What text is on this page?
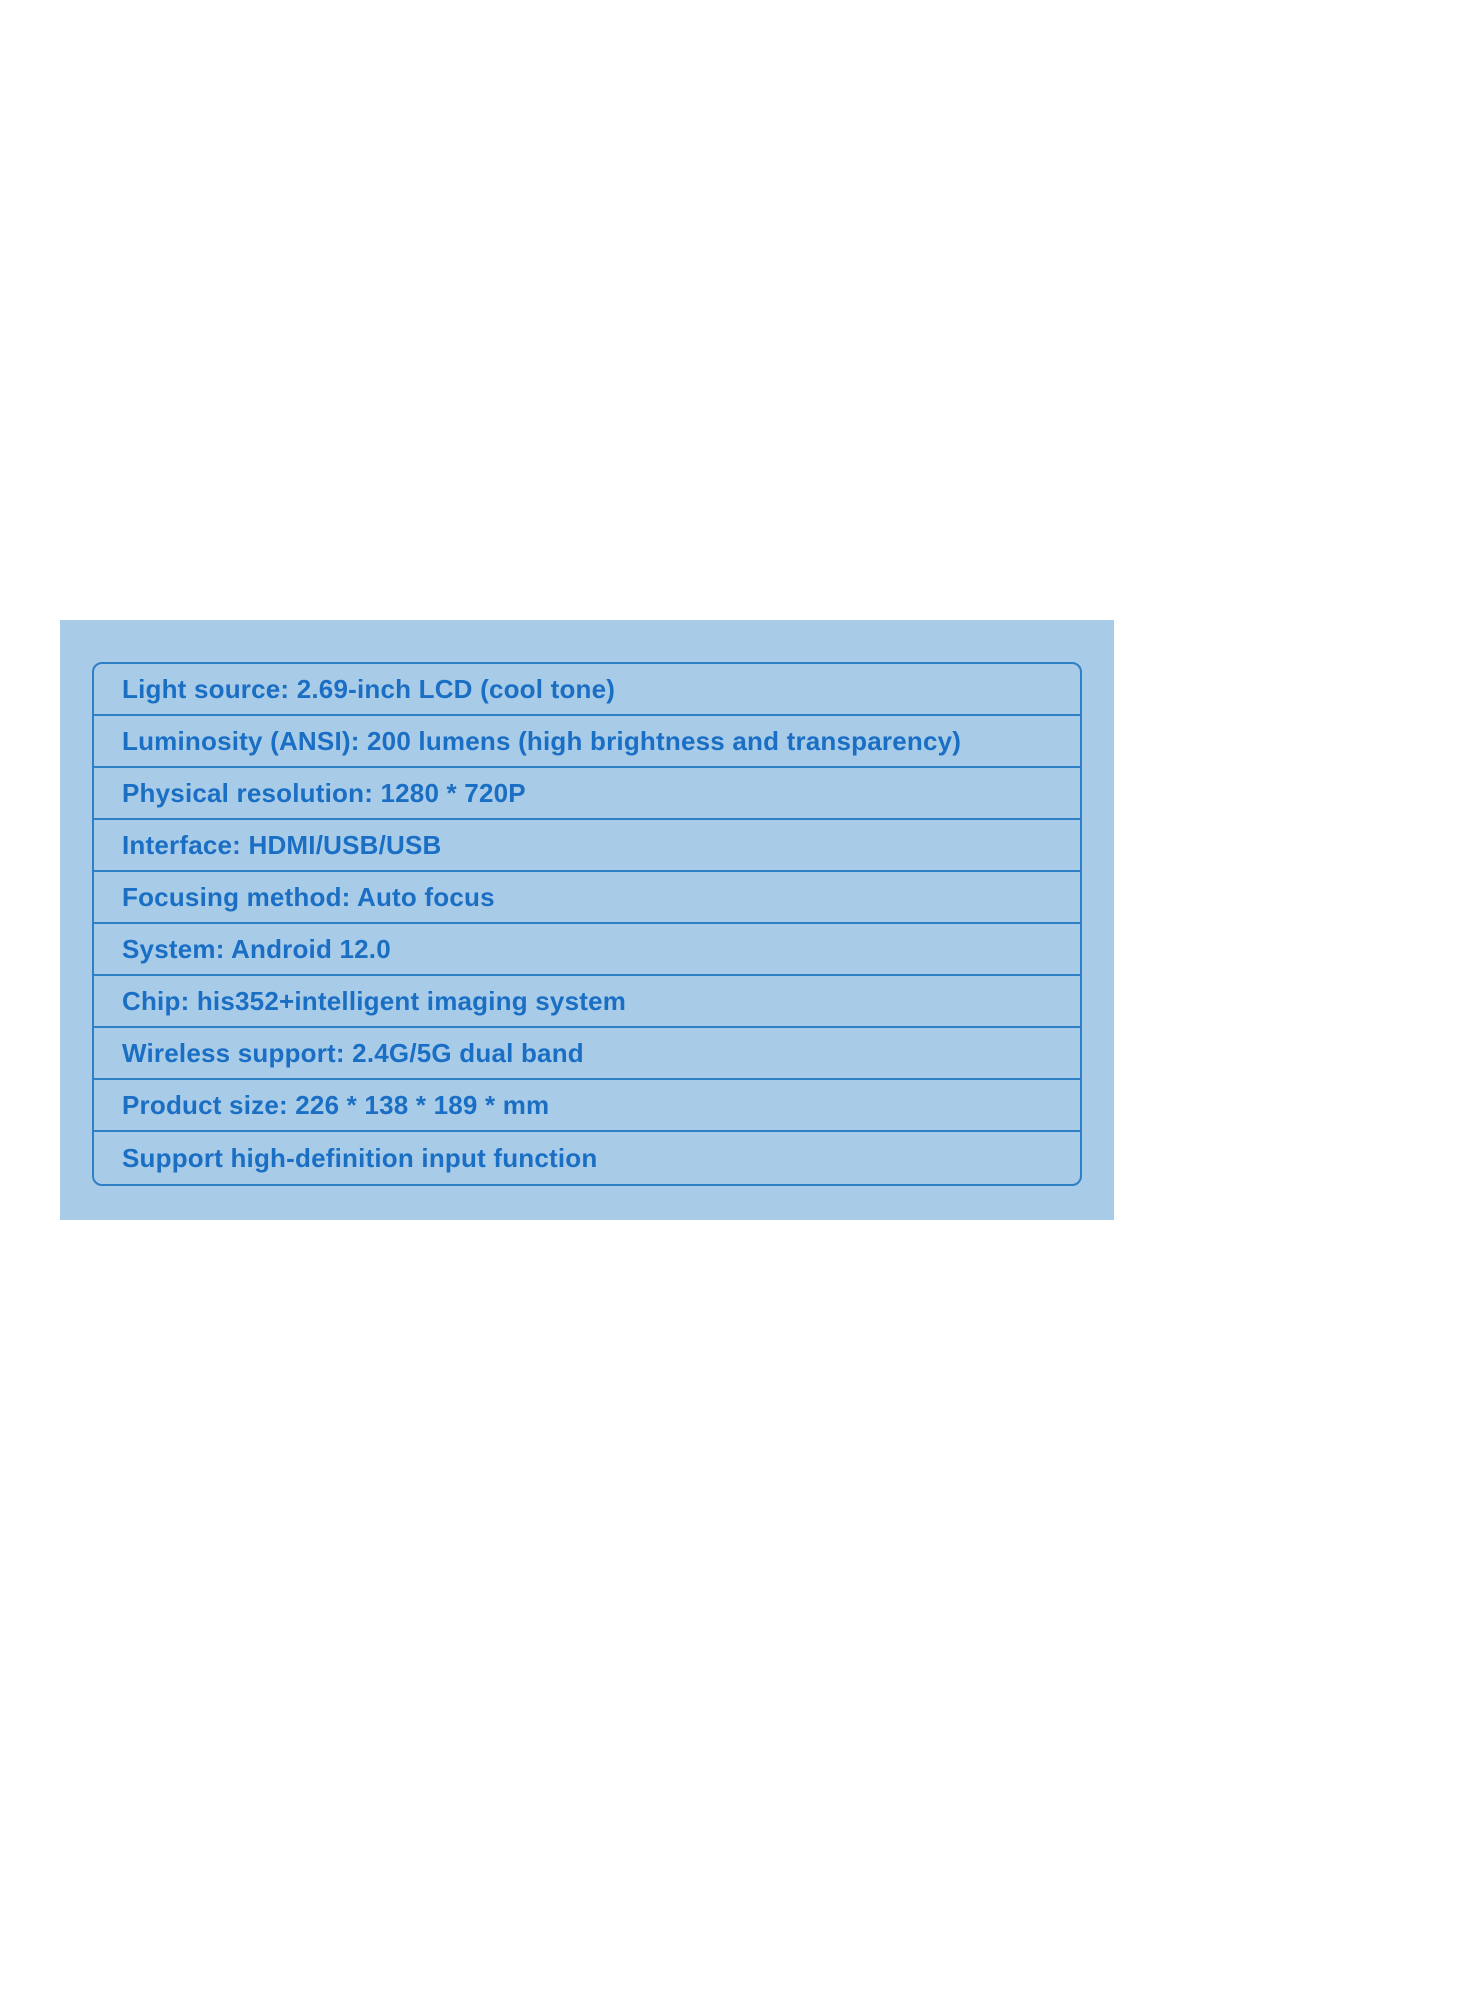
Light source: 2.69-inch LCD (cool tone)
Luminosity (ANSI): 200 lumens (high brightness and transparency)
Physical resolution: 1280 * 720P
Interface: HDMI/USB/USB
Focusing method: Auto focus
System: Android 12.0
Chip: his352+intelligent imaging system
Wireless support: 2.4G/5G dual band
Product size: 226 * 138 * 189 * mm
Support high-definition input function
